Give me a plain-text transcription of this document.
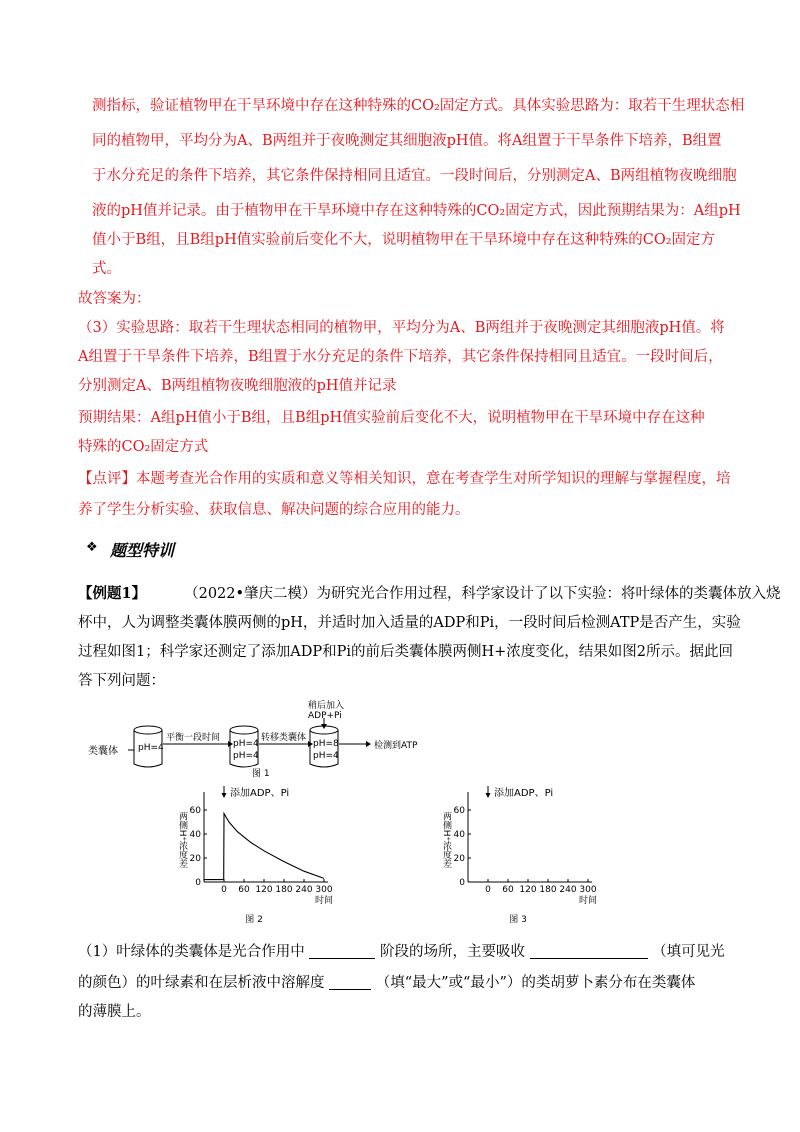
测指标，验证植物甲在干旱环境中存在这种特殊的CO₂固定方式。具体实验思路为：取若干生理状态相
同的植物甲，平均分为A、B两组并于夜晚测定其细胞液pH值。将A组置于干旱条件下培养，B组置
于水分充足的条件下培养，其它条件保持相同且适宜。一段时间后，分别测定A、B两组植物夜晚细胞
液的pH值并记录。由于植物甲在干旱环境中存在这种特殊的CO₂固定方式，因此预期结果为：A组pH
值小于B组，且B组pH值实验前后变化不大，说明植物甲在干旱环境中存在这种特殊的CO₂固定方
式。
故答案为：
（3）实验思路：取若干生理状态相同的植物甲，平均分为A、B两组并于夜晚测定其细胞液pH值。将
A组置于干旱条件下培养，B组置于水分充足的条件下培养，其它条件保持相同且适宜。一段时间后，
分别测定A、B两组植物夜晚细胞液的pH值并记录
预期结果：A组pH值小于B组，且B组pH值实验前后变化不大，说明植物甲在干旱环境中存在这种
特殊的CO₂固定方式
【点评】本题考查光合作用的实质和意义等相关知识，意在考查学生对所学知识的理解与掌握程度，培
养了学生分析实验、获取信息、解决问题的综合应用的能力。
❖ 题型特训
【例题1】	（2022•肇庆二模）为研究光合作用过程，科学家设计了以下实验：将叶绿体的类囊体放入烧
杯中，人为调整类囊体膜两侧的pH，并适时加入适量的ADP和Pi，一段时间后检测ATP是否产生，实验
过程如图1；科学家还测定了添加ADP和Pi的前后类囊体膜两侧H+浓度变化，结果如图2所示。据此回
答下列问题：
类囊体 pH=4	pH=4
pH=4
pH=8
pH=4
平衡一段时间	转移类囊体
稍后加入
ADP+Pi
检测到ATP
图 1
0
20
40
60
0 60 120 180 240 300
时间
两侧H⁺浓度差
添加ADP、Pi
图 2
0
20
40
60
0 60 120 180 240 300
时间
两侧H⁺浓度差
添加ADP、Pi
图 3
（1）叶绿体的类囊体是光合作用中	阶段的场所，主要吸收	（填可见光
的颜色）的叶绿素和在层析液中溶解度	（填“最大”或“最小”）的类胡萝卜素分布在类囊体
的薄膜上。
